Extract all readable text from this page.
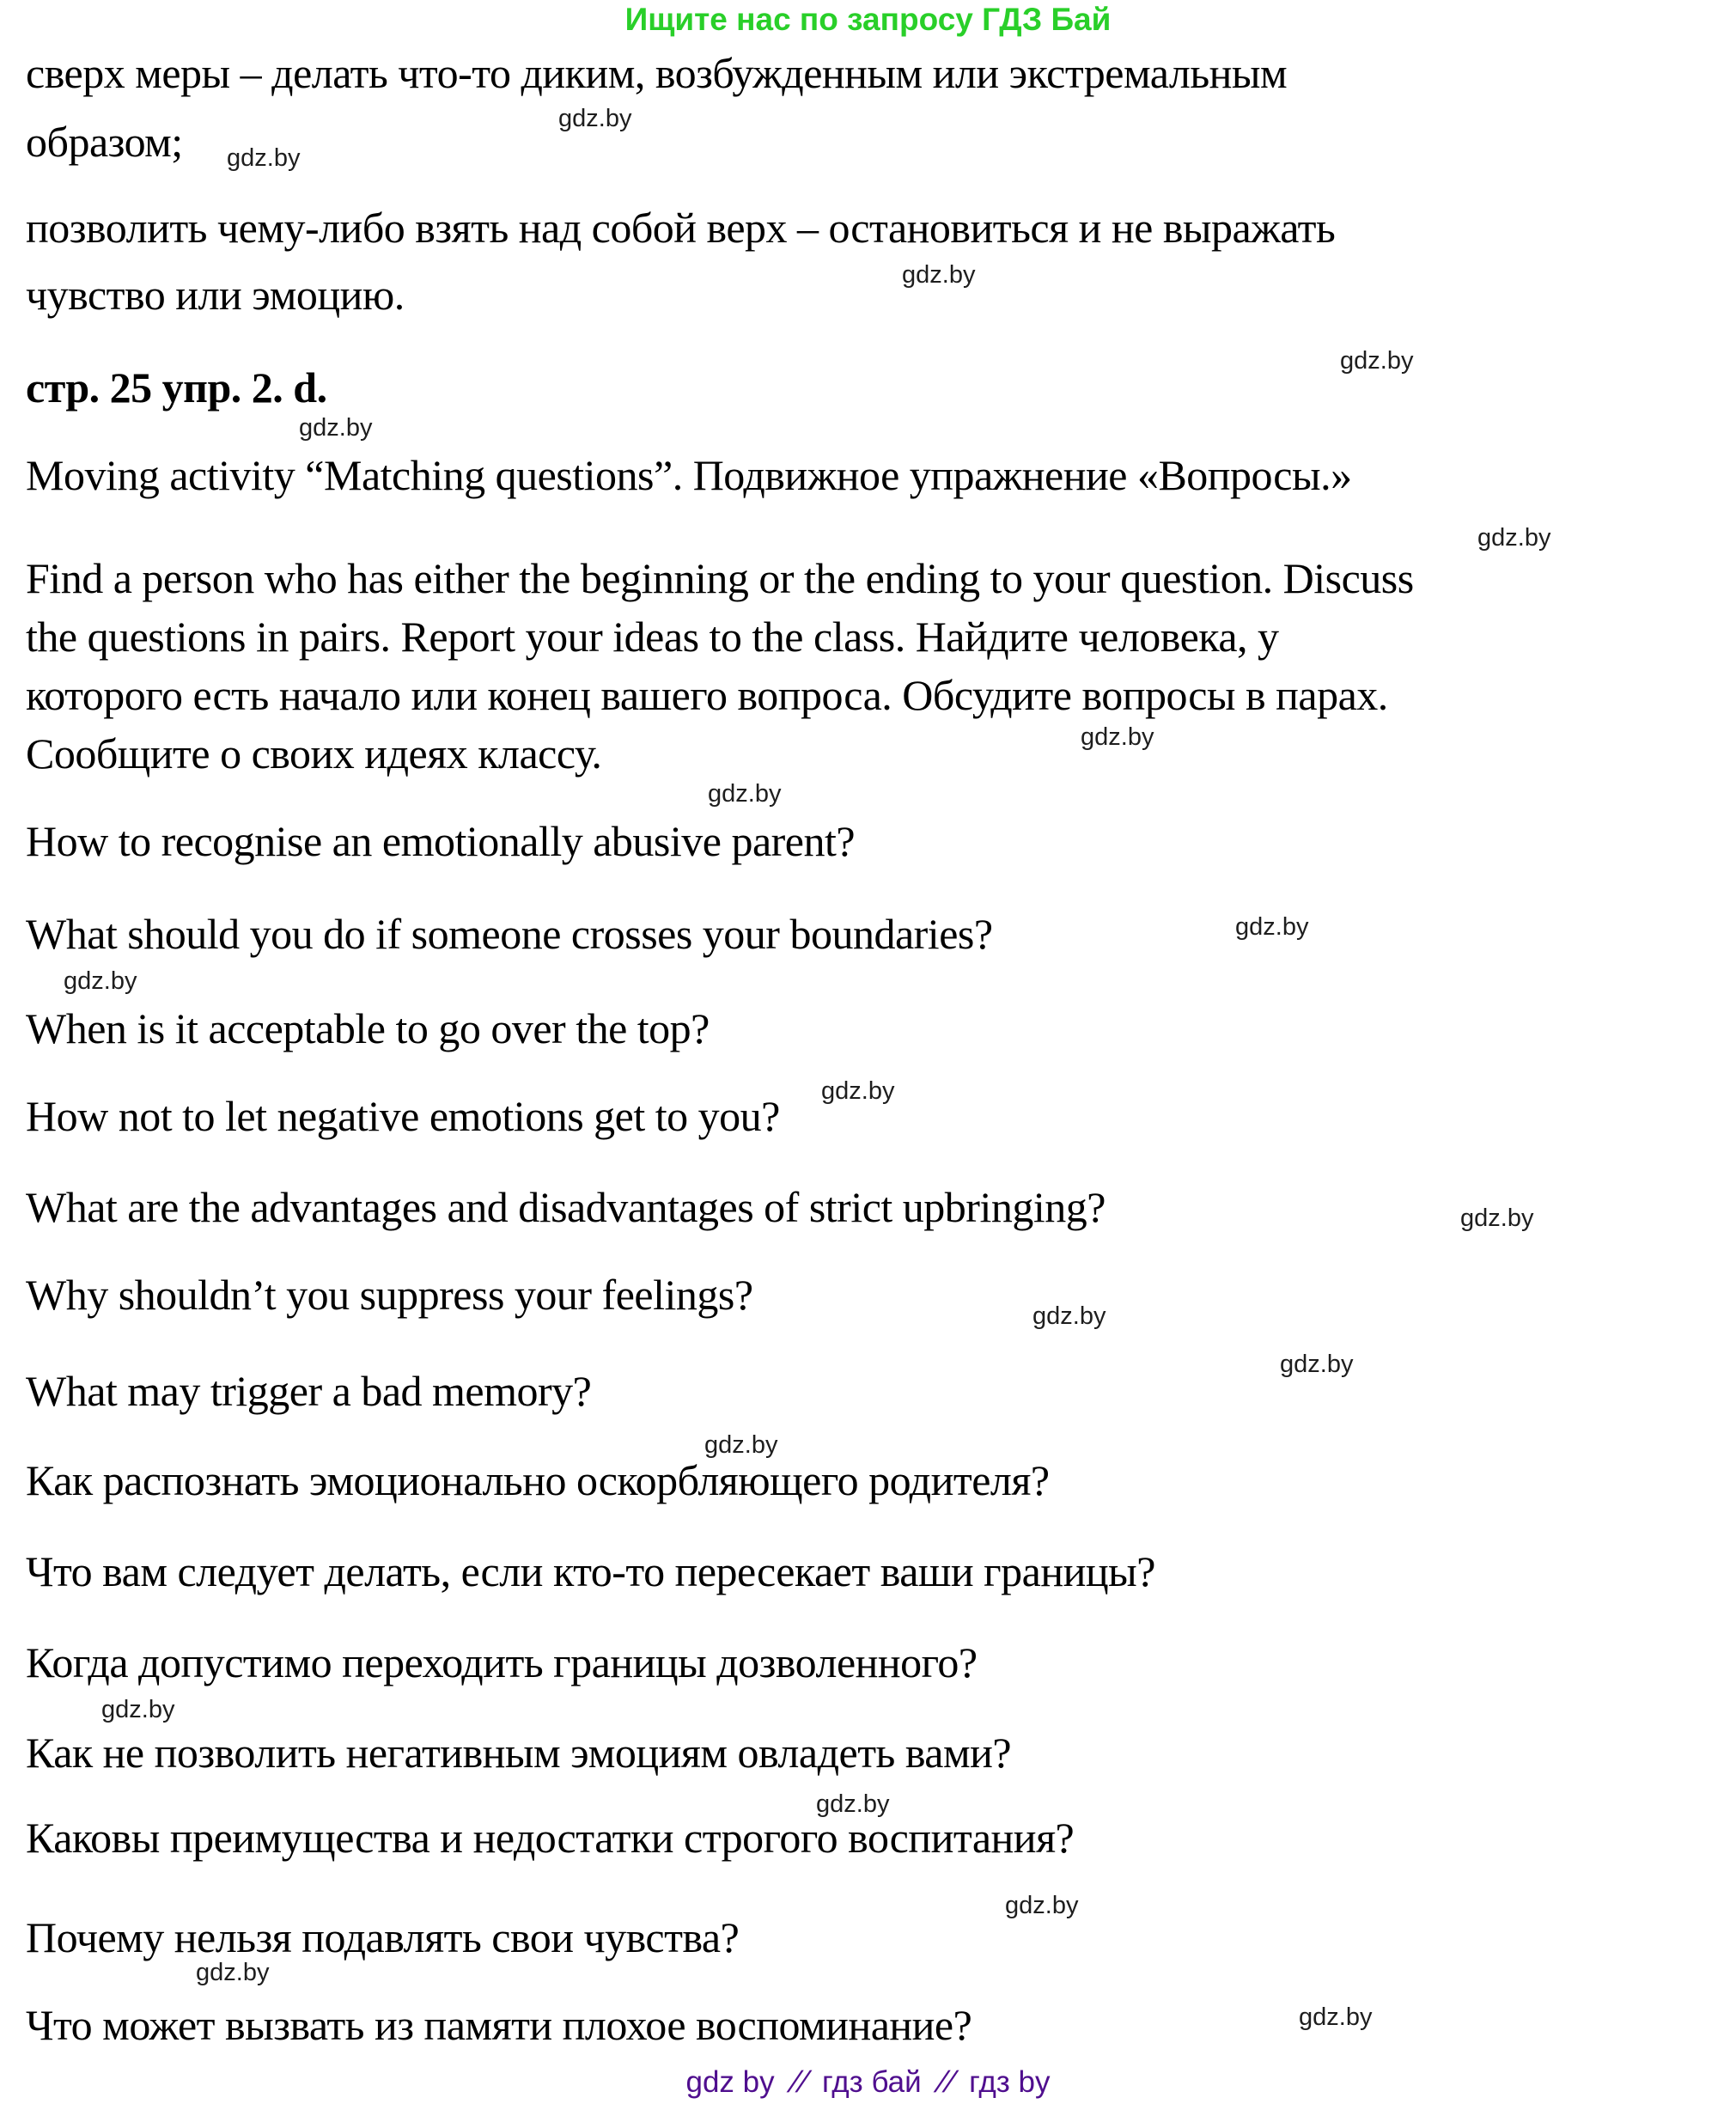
Ищите нас по запросу ГДЗ Бай
сверх меры – делать что-то диким, возбужденным или экстремальным
образом;
позволить чему-либо взять над собой верх – остановиться и не выражать
чувство или эмоцию.
стр. 25 упр. 2. d.
Moving activity “Matching questions”. Подвижное упражнение «Вопросы.»
Find a person who has either the beginning or the ending to your question. Discuss
the questions in pairs. Report your ideas to the class. Найдите человека, у
которого есть начало или конец вашего вопроса. Обсудите вопросы в парах.
Сообщите о своих идеях классу.
How to recognise an emotionally abusive parent?
What should you do if someone crosses your boundaries?
When is it acceptable to go over the top?
How not to let negative emotions get to you?
What are the advantages and disadvantages of strict upbringing?
Why shouldn’t you suppress your feelings?
What may trigger a bad memory?
Как распознать эмоционально оскорбляющего родителя?
Что вам следует делать, если кто-то пересекает ваши границы?
Когда допустимо переходить границы дозволенного?
Как не позволить негативным эмоциям овладеть вами?
Каковы преимущества и недостатки строгого воспитания?
Почему нельзя подавлять свои чувства?
Что может вызвать из памяти плохое воспоминание?
gdz.by
gdz.by
gdz.by
gdz.by
gdz.by
gdz.by
gdz.by
gdz.by
gdz.by
gdz.by
gdz.by
gdz.by
gdz.by
gdz.by
gdz.by
gdz.by
gdz.by
gdz.by
gdz.by
gdz.by
gdz by // гдз бай // гдз by
